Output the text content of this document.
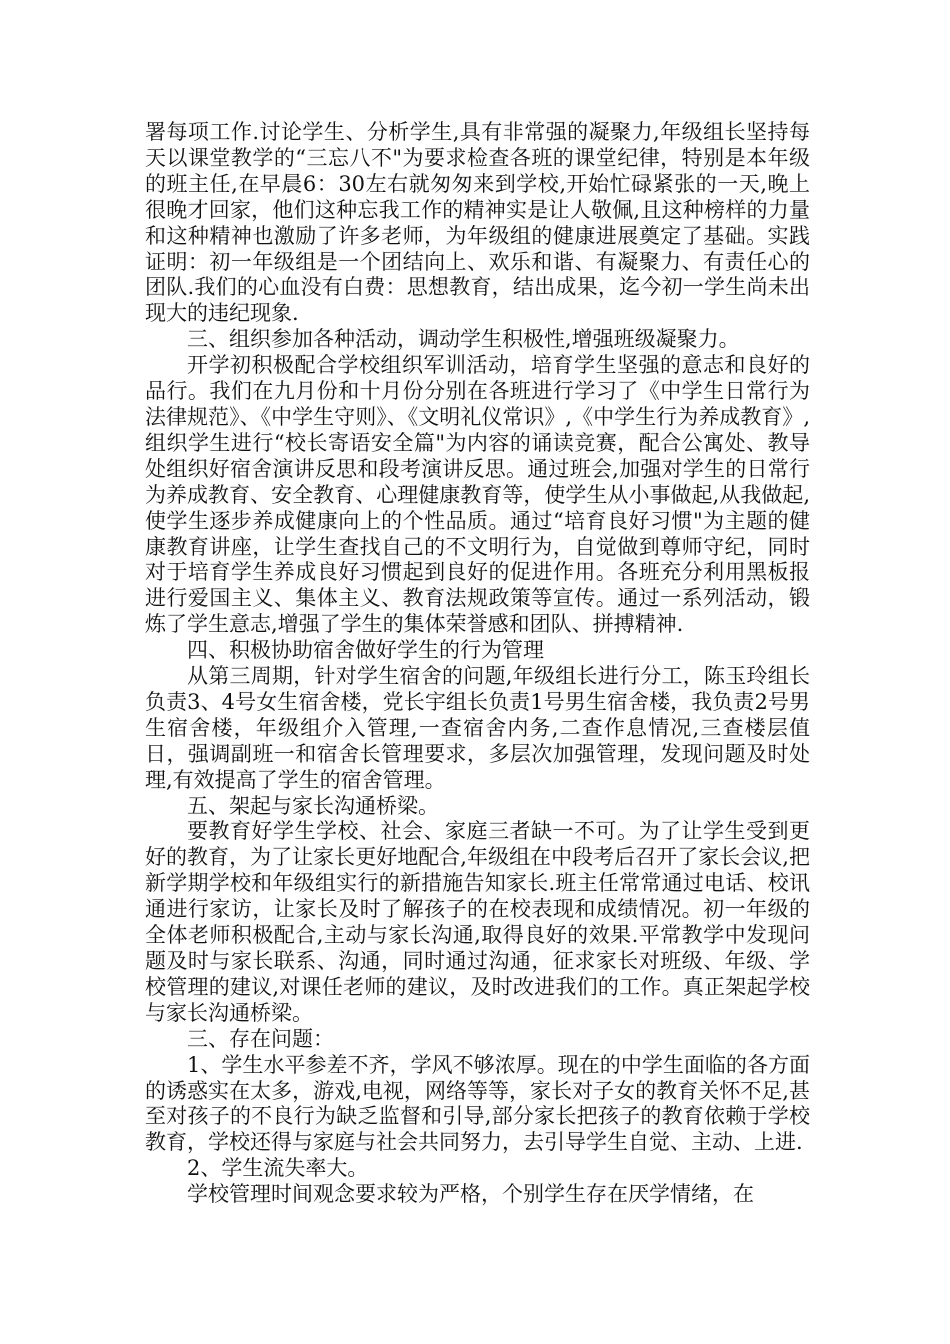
署每项工作.讨论学生、分析学生,具有非常强的凝聚力,年级组长坚持每天以课堂教学的“三忘八不"为要求检查各班的课堂纪律，特别是本年级的班主任,在早晨6：30左右就匆匆来到学校,开始忙碌紧张的一天,晚上很晚才回家，他们这种忘我工作的精神实是让人敬佩,且这种榜样的力量和这种精神也激励了许多老师，为年级组的健康进展奠定了基础。实践证明：初一年级组是一个团结向上、欢乐和谐、有凝聚力、有责任心的团队.我们的心血没有白费：思想教育，结出成果，迄今初一学生尚未出现大的违纪现象.

三、组织参加各种活动，调动学生积极性,增强班级凝聚力。

开学初积极配合学校组织军训活动，培育学生坚强的意志和良好的品行。我们在九月份和十月份分别在各班进行学习了《中学生日常行为法律规范》、《中学生守则》、《文明礼仪常识》,《中学生行为养成教育》,组织学生进行“校长寄语安全篇"为内容的诵读竞赛，配合公寓处、教导处组织好宿舍演讲反思和段考演讲反思。通过班会,加强对学生的日常行为养成教育、安全教育、心理健康教育等，使学生从小事做起,从我做起,使学生逐步养成健康向上的个性品质。通过“培育良好习惯"为主题的健康教育讲座，让学生查找自己的不文明行为，自觉做到尊师守纪，同时对于培育学生养成良好习惯起到良好的促进作用。各班充分利用黑板报进行爱国主义、集体主义、教育法规政策等宣传。通过一系列活动，锻炼了学生意志,增强了学生的集体荣誉感和团队、拼搏精神.

四、积极协助宿舍做好学生的行为管理

从第三周期，针对学生宿舍的问题,年级组长进行分工，陈玉玲组长负责3、4号女生宿舍楼，党长宇组长负责1号男生宿舍楼，我负责2号男生宿舍楼，年级组介入管理,一查宿舍内务,二查作息情况,三查楼层值日，强调副班一和宿舍长管理要求，多层次加强管理，发现问题及时处理,有效提高了学生的宿舍管理。

五、架起与家长沟通桥梁。

要教育好学生学校、社会、家庭三者缺一不可。为了让学生受到更好的教育，为了让家长更好地配合,年级组在中段考后召开了家长会议,把新学期学校和年级组实行的新措施告知家长.班主任常常通过电话、校讯通进行家访，让家长及时了解孩子的在校表现和成绩情况。初一年级的全体老师积极配合,主动与家长沟通,取得良好的效果.平常教学中发现问题及时与家长联系、沟通，同时通过沟通，征求家长对班级、年级、学校管理的建议,对课任老师的建议，及时改进我们的工作。真正架起学校与家长沟通桥梁。

三、存在问题：

1、学生水平参差不齐，学风不够浓厚。现在的中学生面临的各方面的诱惑实在太多，游戏,电视，网络等等，家长对子女的教育关怀不足,甚至对孩子的不良行为缺乏监督和引导,部分家长把孩子的教育依赖于学校教育，学校还得与家庭与社会共同努力，去引导学生自觉、主动、上进.

2、学生流失率大。

学校管理时间观念要求较为严格，个别学生存在厌学情绪，在
